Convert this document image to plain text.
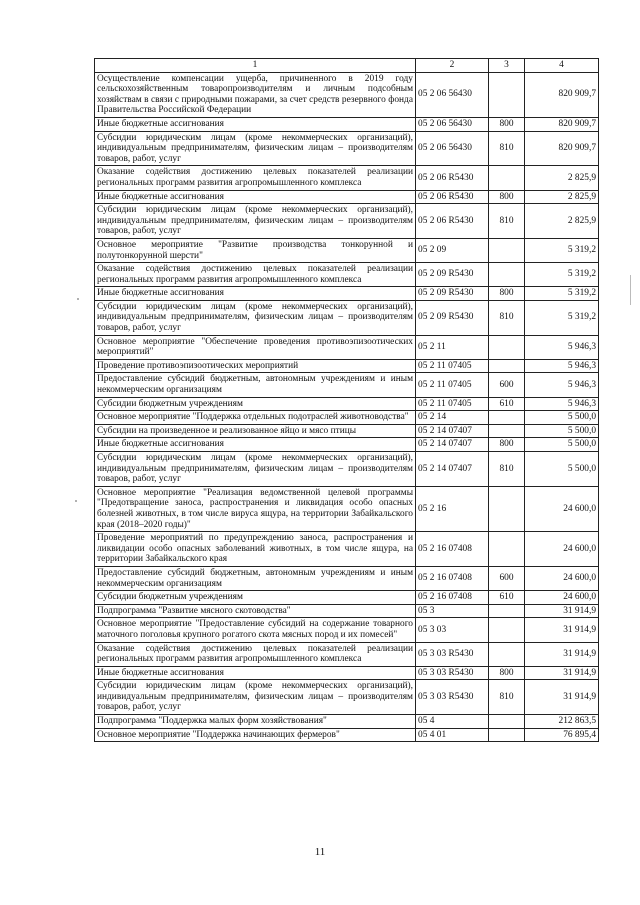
1	2	3	4
Осуществление компенсации ущерба, причиненного в 2019 году сельскохозяйственным товаропроизводителям и личным подсобным хозяйствам в связи с природными пожарами, за счет средств резервного фонда Правительства Российской Федерации	05 2 06 56430		820 909,7
Иные бюджетные ассигнования	05 2 06 56430	800	820 909,7
Субсидии юридическим лицам (кроме некоммерческих организаций), индивидуальным предпринимателям, физическим лицам – производителям товаров, работ, услуг	05 2 06 56430	810	820 909,7
Оказание содействия достижению целевых показателей реализации региональных программ развития агропромышленного комплекса	05 2 06 R5430		2 825,9
Иные бюджетные ассигнования	05 2 06 R5430	800	2 825,9
Субсидии юридическим лицам (кроме некоммерческих организаций), индивидуальным предпринимателям, физическим лицам – производителям товаров, работ, услуг	05 2 06 R5430	810	2 825,9
Основное мероприятие "Развитие производства тонкорунной и полутонкорунной шерсти"	05 2 09		5 319,2
Оказание содействия достижению целевых показателей реализации региональных программ развития агропромышленного комплекса	05 2 09 R5430		5 319,2
Иные бюджетные ассигнования	05 2 09 R5430	800	5 319,2
Субсидии юридическим лицам (кроме некоммерческих организаций), индивидуальным предпринимателям, физическим лицам – производителям товаров, работ, услуг	05 2 09 R5430	810	5 319,2
Основное мероприятие "Обеспечение проведения противоэпизоотических мероприятий"	05 2 11		5 946,3
Проведение противоэпизоотических мероприятий	05 2 11 07405		5 946,3
Предоставление субсидий бюджетным, автономным учреждениям и иным некоммерческим организациям	05 2 11 07405	600	5 946,3
Субсидии бюджетным учреждениям	05 2 11 07405	610	5 946,3
Основное мероприятие "Поддержка отдельных подотраслей животноводства"	05 2 14		5 500,0
Субсидии на произведенное и реализованное яйцо и мясо птицы	05 2 14 07407		5 500,0
Иные бюджетные ассигнования	05 2 14 07407	800	5 500,0
Субсидии юридическим лицам (кроме некоммерческих организаций), индивидуальным предпринимателям, физическим лицам – производителям товаров, работ, услуг	05 2 14 07407	810	5 500,0
Основное мероприятие "Реализация ведомственной целевой программы "Предотвращение заноса, распространения и ликвидация особо опасных болезней животных, в том числе вируса ящура, на территории Забайкальского края (2018–2020 годы)"	05 2 16		24 600,0
Проведение мероприятий по предупреждению заноса, распространения и ликвидации особо опасных заболеваний животных, в том числе ящура, на территории Забайкальского края	05 2 16 07408		24 600,0
Предоставление субсидий бюджетным, автономным учреждениям и иным некоммерческим организациям	05 2 16 07408	600	24 600,0
Субсидии бюджетным учреждениям	05 2 16 07408	610	24 600,0
Подпрограмма "Развитие мясного скотоводства"	05 3		31 914,9
Основное мероприятие "Предоставление субсидий на содержание товарного маточного поголовья крупного рогатого скота мясных пород и их помесей"	05 3 03		31 914,9
Оказание содействия достижению целевых показателей реализации региональных программ развития агропромышленного комплекса	05 3 03 R5430		31 914,9
Иные бюджетные ассигнования	05 3 03 R5430	800	31 914,9
Субсидии юридическим лицам (кроме некоммерческих организаций), индивидуальным предпринимателям, физическим лицам – производителям товаров, работ, услуг	05 3 03 R5430	810	31 914,9
Подпрограмма "Поддержка малых форм хозяйствования"	05 4		212 863,5
Основное мероприятие "Поддержка начинающих фермеров"	05 4 01		76 895,4
11
